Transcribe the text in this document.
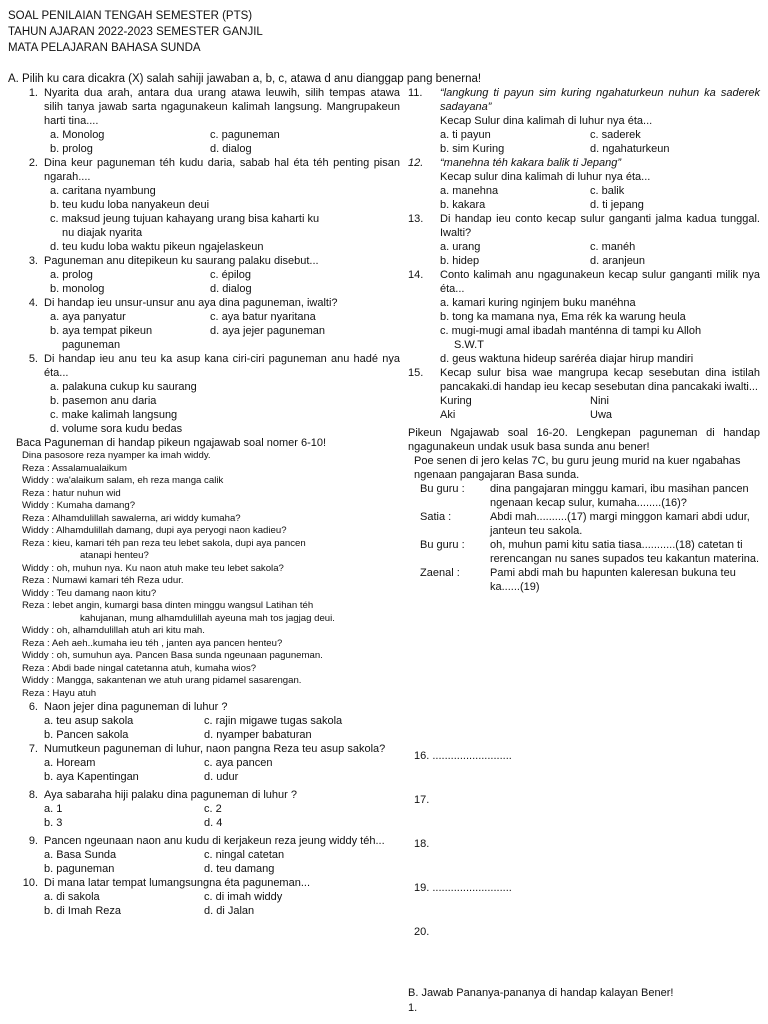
SOAL PENILAIAN TENGAH SEMESTER (PTS)
TAHUN AJARAN 2022-2023 SEMESTER GANJIL
MATA PELAJARAN BAHASA SUNDA
A. Pilih ku cara dicakra (X) salah sahiji jawaban a, b, c, atawa d anu dianggap pang benerna!
1. Nyarita dua arah, antara dua urang atawa leuwih, silih tempas atawa silih tanya jawab sarta ngagunakeun kalimah langsung. Mangrupakeun harti tina....
a. Monolog	c. paguneman
b. prolog	d. dialog
2. Dina keur paguneman téh kudu daria, sabab hal éta téh penting pisan ngarah....
a. caritana nyambung
b. teu kudu loba nanyakeun deui
c. maksud jeung tujuan kahayang urang bisa kaharti ku
nu diajak nyarita
d. teu kudu loba waktu pikeun ngajelaskeun
3. Paguneman anu ditepikeun ku saurang palaku disebut...
a. prolog	c. épilog
b. monolog	d. dialog
4. Di handap ieu unsur-unsur anu aya dina paguneman, iwalti?
a. aya panyatur	c. aya batur nyaritana
b. aya tempat pikeun	d. aya jejer paguneman
paguneman
5. Di handap ieu anu teu ka asup kana ciri-ciri paguneman anu hadé nya éta...
a. palakuna cukup ku saurang
b. pasemon anu daria
c. make kalimah langsung
d. volume sora kudu bedas
Baca Paguneman di handap pikeun ngajawab soal nomer 6-10!
Dina pasosore reza nyamper ka imah widdy.
Reza : Assalamualaikum
Widdy : wa'alaikum salam, eh reza manga calik
Reza : hatur nuhun wid
Widdy : Kumaha damang?
Reza : Alhamdulillah sawalerna, ari widdy kumaha?
Widdy : Alhamdulillah damang, dupi aya peryogi naon kadieu?
Reza : kieu, kamari téh pan reza teu lebet sakola, dupi aya pancen
atanapi henteu?
Widdy : oh, muhun nya. Ku naon atuh make teu lebet sakola?
Reza : Numawi kamari téh Reza udur.
Widdy : Teu damang naon kitu?
Reza : lebet angin, kumargi basa dinten minggu wangsul Latihan téh
kahujanan, mung alhamdulillah ayeuna mah tos jagjag deui.
Widdy : oh, alhamdulillah atuh ari kitu mah.
Reza : Aeh aeh..kumaha ieu téh , janten aya pancen henteu?
Widdy : oh, sumuhun aya. Pancen Basa sunda ngeunaan paguneman.
Reza : Abdi bade ningal catetanna atuh, kumaha wios?
Widdy : Mangga, sakantenan we atuh urang pidamel sasarengan.
Reza : Hayu atuh
6. Naon jejer dina paguneman di luhur ?
a. teu asup sakola	c. rajin migawe tugas sakola
b. Pancen sakola	d. nyamper babaturan
7. Numutkeun paguneman di luhur, naon pangna Reza teu asup sakola?
a. Hoream	c. aya pancen
b. aya Kapentingan	d. udur
8. Aya sabaraha hiji palaku dina paguneman di luhur ?
a. 1	c. 2
b. 3	d. 4
9. Pancen ngeunaan naon anu kudu di kerjakeun reza jeung widdy téh...
a. Basa Sunda	c. ningal catetan
b. paguneman	d. teu damang
10. Di mana latar tempat lumangsungna éta paguneman...
a. di sakola	c. di imah widdy
b. di Imah Reza	d. di Jalan
11.	“langkung ti payun sim kuring ngahaturkeun nuhun ka saderek sadayana”
Kecap Sulur dina kalimah di luhur nya éta...
a. ti payun	c. saderek
b. sim Kuring	d. ngahaturkeun
12.	“manehna téh kakara balik ti Jepang”
Kecap sulur dina kalimah di luhur nya éta...
a. manehna	c. balik
b. kakara	d. ti jepang
13.	Di handap ieu conto kecap sulur ganganti jalma kadua tunggal. Iwalti?
a. urang	c. manéh
b. hidep	d. aranjeun
14.	Conto kalimah anu ngagunakeun kecap sulur ganganti milik nya éta...
a. kamari kuring nginjem buku manéhna
b. tong ka mamana nya, Ema rék ka warung heula
c. mugi-mugi amal ibadah manténna di tampi ku Alloh
S.W.T
d. geus waktuna hideup saréréa diajar hirup mandiri
15.	Kecap sulur bisa wae mangrupa kecap sesebutan dina istilah pancakaki.di handap ieu kecap sesebutan dina pancakaki iwalti...
Kuring	Nini
Aki	Uwa
Pikeun Ngajawab soal 16-20. Lengkepan paguneman di handap ngagunakeun undak usuk basa sunda anu bener!
Poe senen di jero kelas 7C, bu guru jeung murid na kuer ngabahas ngenaan pangajaran Basa sunda.
Bu guru :	dina pangajaran minggu kamari, ibu masihan pancen ngenaan kecap sulur, kumaha........(16)?
Satia :	Abdi mah..........(17) margi minggon kamari abdi udur, janteun teu sakola.
Bu guru :	oh, muhun pami kitu satia tiasa...........(18) catetan ti rerencangan nu sanes supados teu kakantun materina.
Zaenal :	Pami abdi mah bu hapunten kaleresan bukuna teu ka......(19)
16. ..........................
17.
18.
19. ..........................
20.
B. Jawab Pananya-pananya di handap kalayan Bener!
1.
